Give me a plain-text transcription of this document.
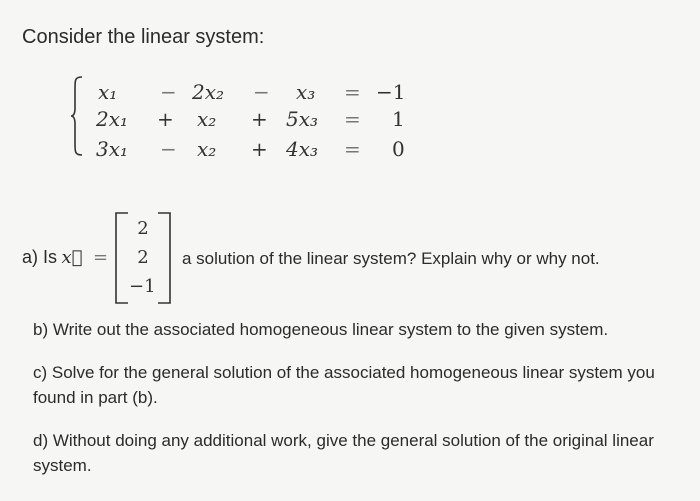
Consider the linear system:
x₁ − 2x₂ − x₃ = −1
2x₁ + x₂ + 5x₃ = 1
3x₁ − x₂ + 4x₃ = 0
a) Is x⃗ =
2
2
−1
a solution of the linear system? Explain why or why not.
b) Write out the associated homogeneous linear system to the given system.
c) Solve for the general solution of the associated homogeneous linear system you found in part (b).
d) Without doing any additional work, give the general solution of the original linear system.
